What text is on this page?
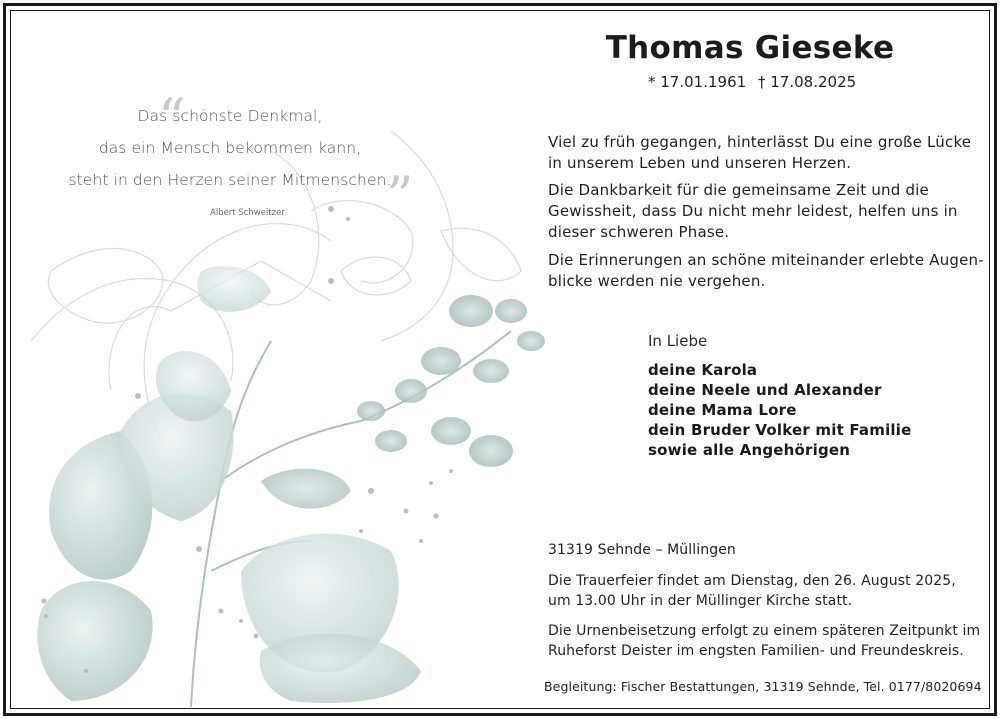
“
”
Das schönste Denkmal,
das ein Mensch bekommen kann,
steht in den Herzen seiner Mitmenschen.
Albert Schweitzer
Thomas Gieseke
* 17.01.1961 † 17.08.2025
Viel zu früh gegangen, hinterlässt Du eine große Lücke
in unserem Leben und unseren Herzen.
Die Dankbarkeit für die gemeinsame Zeit und die
Gewissheit, dass Du nicht mehr leidest, helfen uns in
dieser schweren Phase.
Die Erinnerungen an schöne miteinander erlebte Augen-
blicke werden nie vergehen.
In Liebe
deine Karola
deine Neele und Alexander
deine Mama Lore
dein Bruder Volker mit Familie
sowie alle Angehörigen
31319 Sehnde – Müllingen
Die Trauerfeier findet am Dienstag, den 26. August 2025,
um 13.00 Uhr in der Müllinger Kirche statt.
Die Urnenbeisetzung erfolgt zu einem späteren Zeitpunkt im
Ruheforst Deister im engsten Familien- und Freundeskreis.
Begleitung: Fischer Bestattungen, 31319 Sehnde, Tel. 0177/8020694
